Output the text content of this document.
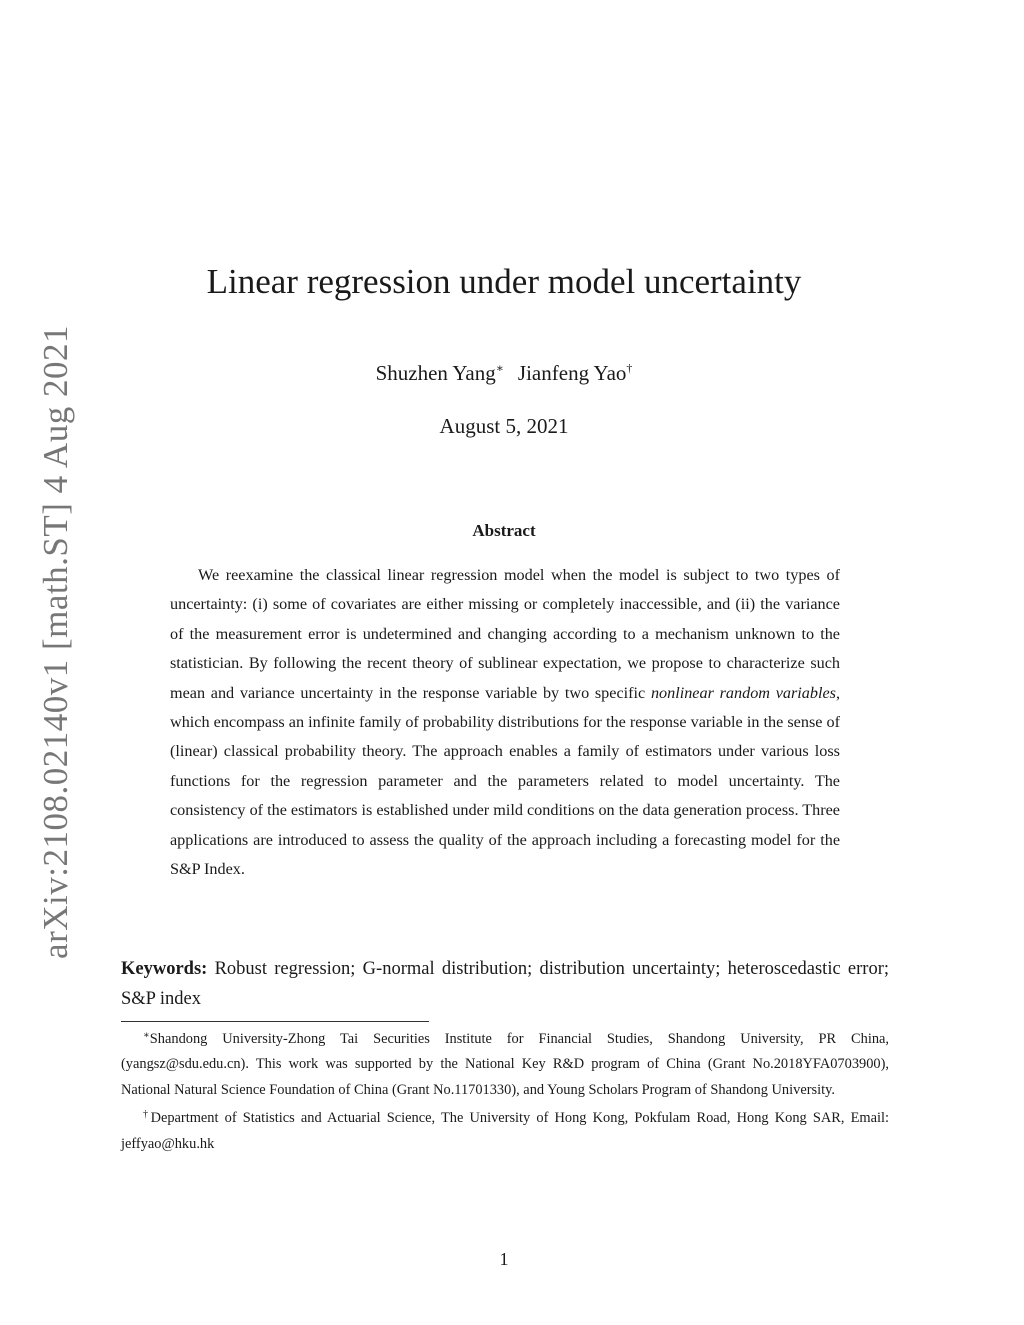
arXiv:2108.02140v1 [math.ST] 4 Aug 2021
Linear regression under model uncertainty
Shuzhen Yang∗ Jianfeng Yao†
August 5, 2021
Abstract

We reexamine the classical linear regression model when the model is subject to two types of uncertainty: (i) some of covariates are either missing or completely inaccessible, and (ii) the variance of the measurement error is undetermined and changing according to a mechanism unknown to the statistician. By following the recent theory of sublinear expectation, we propose to characterize such mean and variance uncertainty in the response variable by two specific nonlinear random variables, which encompass an infinite family of probability distributions for the response variable in the sense of (linear) classical probability theory. The approach enables a family of estimators under various loss functions for the regression parameter and the parameters related to model uncertainty. The consistency of the estimators is established under mild conditions on the data generation process. Three applications are introduced to assess the quality of the approach including a forecasting model for the S&P Index.

Keywords: Robust regression; G-normal distribution; distribution uncertainty; heteroscedastic error; S&P index

∗Shandong University-Zhong Tai Securities Institute for Financial Studies, Shandong University, PR China, (yangsz@sdu.edu.cn). This work was supported by the National Key R&D program of China (Grant No.2018YFA0703900), National Natural Science Foundation of China (Grant No.11701330), and Young Scholars Program of Shandong University.

†Department of Statistics and Actuarial Science, The University of Hong Kong, Pokfulam Road, Hong Kong SAR, Email: jeffyao@hku.hk

1
